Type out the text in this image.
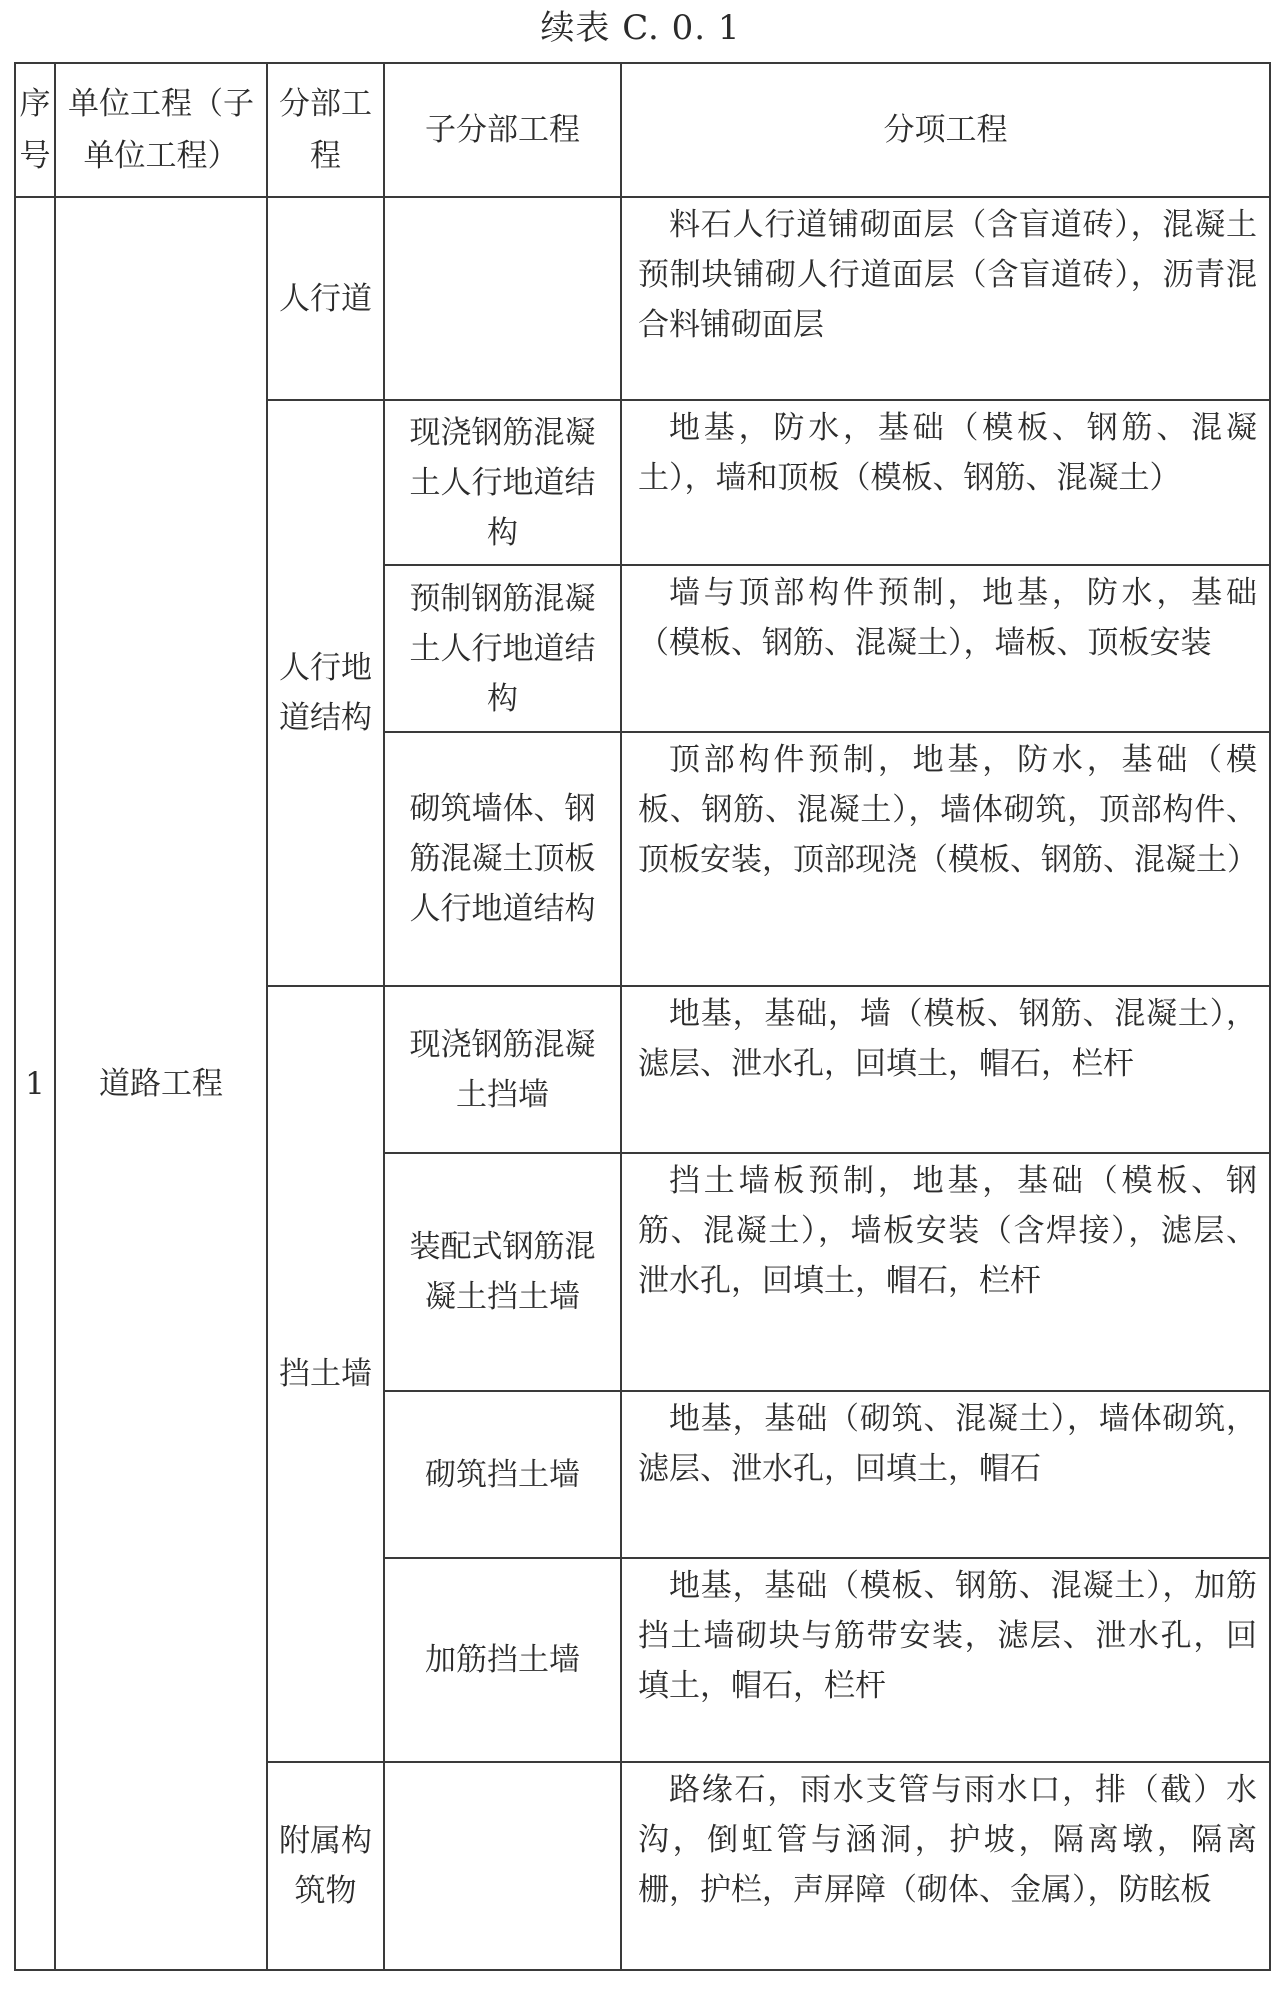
续表 C. 0. 1
序号	单位工程（子单位工程）	分部工程	子分部工程	分项工程
1	道路工程	人行道		料石人行道铺砌面层（含盲道砖），混凝土预制块铺砌人行道面层（含盲道砖），沥青混合料铺砌面层
		人行地道结构	现浇钢筋混凝土人行地道结构	地基，防水，基础（模板、钢筋、混凝土），墙和顶板（模板、钢筋、混凝土）
			预制钢筋混凝土人行地道结构	墙与顶部构件预制，地基，防水，基础（模板、钢筋、混凝土），墙板、顶板安装
			砌筑墙体、钢筋混凝土顶板人行地道结构	顶部构件预制，地基，防水，基础（模板、钢筋、混凝土），墙体砌筑，顶部构件、顶板安装，顶部现浇（模板、钢筋、混凝土）
		挡土墙	现浇钢筋混凝土挡墙	地基，基础，墙（模板、钢筋、混凝土），滤层、泄水孔，回填土，帽石，栏杆
			装配式钢筋混凝土挡土墙	挡土墙板预制，地基，基础（模板、钢筋、混凝土），墙板安装（含焊接），滤层、泄水孔，回填土，帽石，栏杆
			砌筑挡土墙	地基，基础（砌筑、混凝土），墙体砌筑，滤层、泄水孔，回填土，帽石
			加筋挡土墙	地基，基础（模板、钢筋、混凝土），加筋挡土墙砌块与筋带安装，滤层、泄水孔，回填土，帽石，栏杆
		附属构筑物		路缘石，雨水支管与雨水口，排（截）水沟，倒虹管与涵洞，护坡，隔离墩，隔离栅，护栏，声屏障（砌体、金属），防眩板
